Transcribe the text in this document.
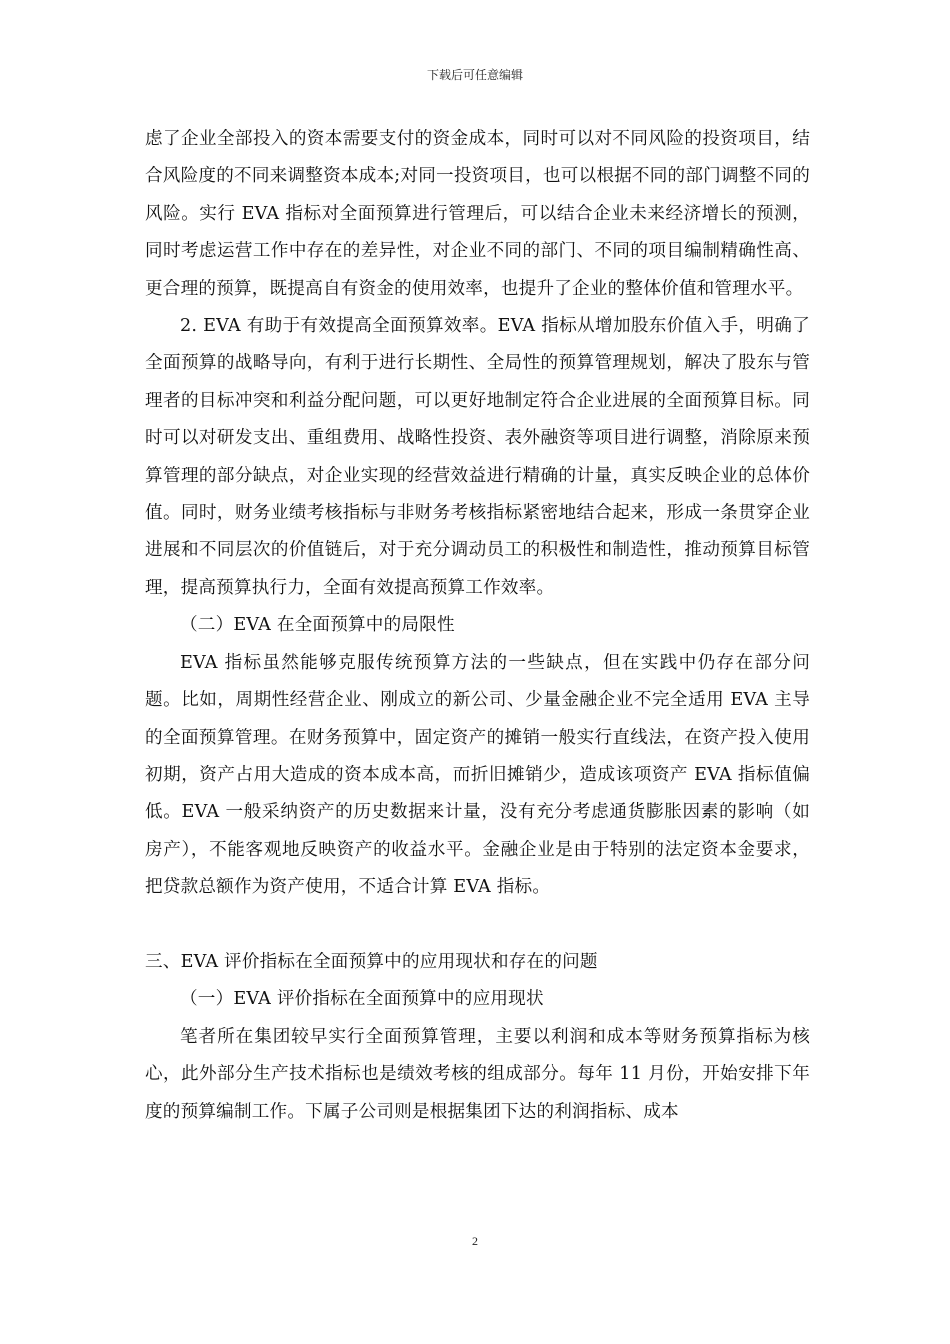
下载后可任意编辑

虑了企业全部投入的资本需要支付的资金成本，同时可以对不同风险的投资项目，结合风险度的不同来调整资本成本;对同一投资项目，也可以根据不同的部门调整不同的风险。实行 EVA 指标对全面预算进行管理后，可以结合企业未来经济增长的预测，同时考虑运营工作中存在的差异性，对企业不同的部门、不同的项目编制精确性高、更合理的预算，既提高自有资金的使用效率，也提升了企业的整体价值和管理水平。

2. EVA 有助于有效提高全面预算效率。EVA 指标从增加股东价值入手，明确了全面预算的战略导向，有利于进行长期性、全局性的预算管理规划，解决了股东与管理者的目标冲突和利益分配问题，可以更好地制定符合企业进展的全面预算目标。同时可以对研发支出、重组费用、战略性投资、表外融资等项目进行调整，消除原来预算管理的部分缺点，对企业实现的经营效益进行精确的计量，真实反映企业的总体价值。同时，财务业绩考核指标与非财务考核指标紧密地结合起来，形成一条贯穿企业进展和不同层次的价值链后，对于充分调动员工的积极性和制造性，推动预算目标管理，提高预算执行力，全面有效提高预算工作效率。

（二）EVA 在全面预算中的局限性

EVA 指标虽然能够克服传统预算方法的一些缺点，但在实践中仍存在部分问题。比如，周期性经营企业、刚成立的新公司、少量金融企业不完全适用 EVA 主导的全面预算管理。在财务预算中，固定资产的摊销一般实行直线法，在资产投入使用初期，资产占用大造成的资本成本高，而折旧摊销少，造成该项资产 EVA 指标值偏低。EVA 一般采纳资产的历史数据来计量，没有充分考虑通货膨胀因素的影响（如房产），不能客观地反映资产的收益水平。金融企业是由于特别的法定资本金要求，把贷款总额作为资产使用，不适合计算 EVA 指标。

三、EVA 评价指标在全面预算中的应用现状和存在的问题

（一）EVA 评价指标在全面预算中的应用现状

笔者所在集团较早实行全面预算管理，主要以利润和成本等财务预算指标为核心，此外部分生产技术指标也是绩效考核的组成部分。每年 11 月份，开始安排下年度的预算编制工作。下属子公司则是根据集团下达的利润指标、成本

2
